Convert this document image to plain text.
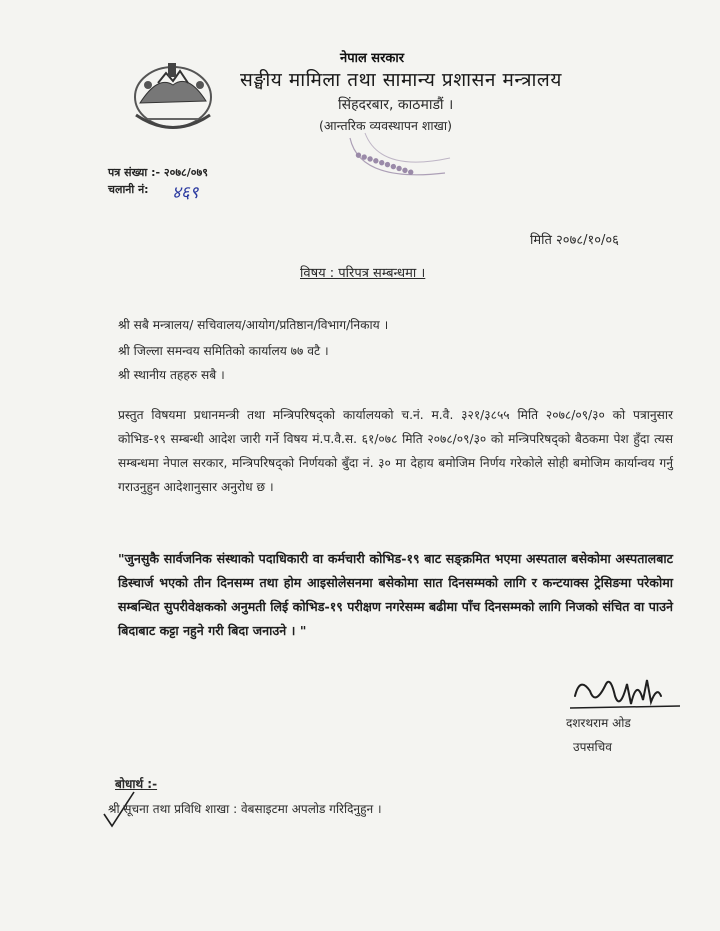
नेपाल सरकार
सङ्घीय मामिला तथा सामान्य प्रशासन मन्त्रालय
सिंहदरबार, काठमाडौं ।
(आन्तरिक व्यवस्थापन शाखा)
●●●●●●●●●●
पत्र संख्या :- २०७८/०७९
चलानी नं: ४६९
मिति २०७८/१०/०६
विषय : परिपत्र सम्बन्धमा ।
श्री सबै मन्त्रालय/ सचिवालय/आयोग/प्रतिष्ठान/विभाग/निकाय ।
श्री जिल्ला समन्वय समितिको कार्यालय ७७ वटै ।
श्री स्थानीय तहहरु सबै ।
प्रस्तुत विषयमा प्रधानमन्त्री तथा मन्त्रिपरिषद्को कार्यालयको च.नं. म.वै. ३२१/३८५५ मिति २०७८/०९/३० को पत्रानुसार कोभिड-१९ सम्बन्धी आदेश जारी गर्ने विषय मं.प.वै.स. ६१/०७८ मिति २०७८/०९/३० को मन्त्रिपरिषद्को बैठकमा पेश हुँदा त्यस सम्बन्धमा नेपाल सरकार, मन्त्रिपरिषद्को निर्णयको बुँदा नं. ३० मा देहाय बमोजिम निर्णय गरेकोले सोही बमोजिम कार्यान्वय गर्नु गराउनुहुन आदेशानुसार अनुरोध छ ।
"जुनसुकै सार्वजनिक संस्थाको पदाधिकारी वा कर्मचारी कोभिड-१९ बाट सङ्क्रमित भएमा अस्पताल बसेकोमा अस्पतालबाट डिस्चार्ज भएको तीन दिनसम्म तथा होम आइसोलेसनमा बसेकोमा सात दिनसम्मको लागि र कन्टयाक्स ट्रेसिङमा परेकोमा सम्बन्धित सुपरीवेक्षकको अनुमती लिई कोभिड-१९ परीक्षण नगरेसम्म बढीमा पाँच दिनसम्मको लागि निजको संचित वा पाउने बिदाबाट कट्टा नहुने गरी बिदा जनाउने । "
दशरथराम ओड
उपसचिव
बोधार्थ :-
श्री सूचना तथा प्रविधि शाखा : वेबसाइटमा अपलोड गरिदिनुहुन ।
